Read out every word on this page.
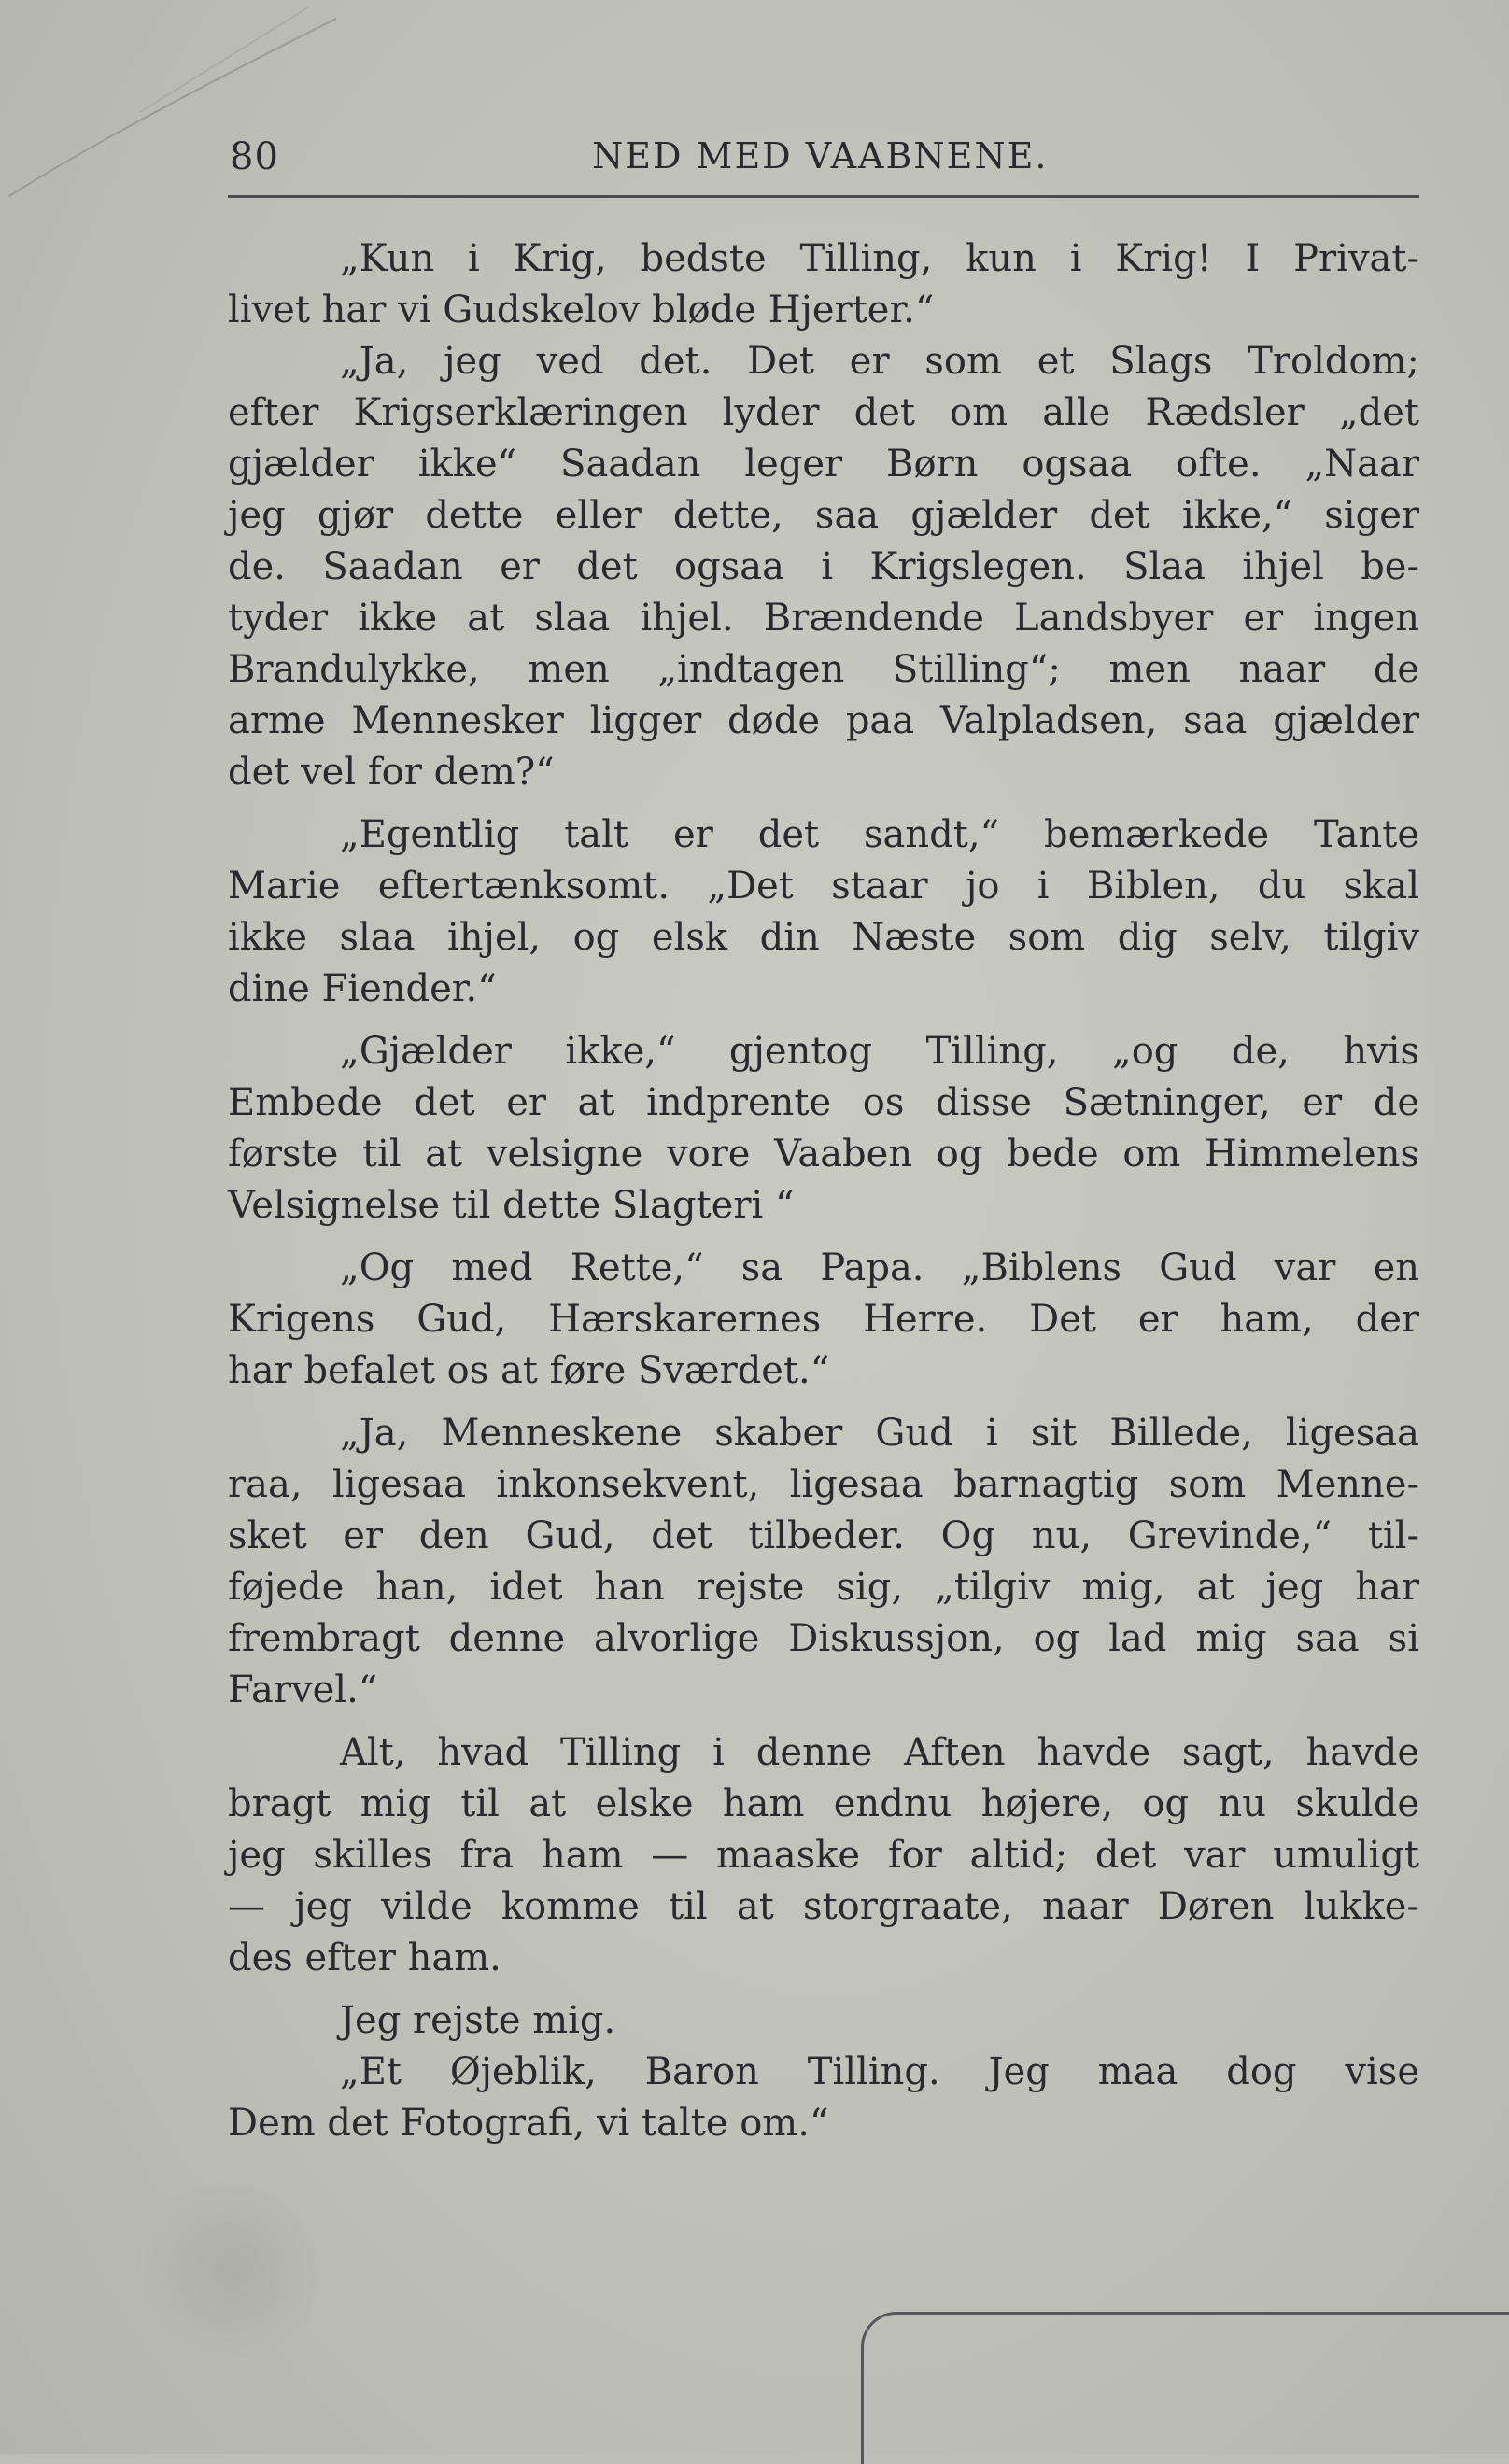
80	NED MED VAABNENE.
„Kun i Krig, bedste Tilling, kun i Krig! I Privat-
livet har vi Gudskelov bløde Hjerter.“
„Ja, jeg ved det. Det er som et Slags Troldom;
efter Krigserklæringen lyder det om alle Rædsler „det
gjælder ikke“ Saadan leger Børn ogsaa ofte. „Naar
jeg gjør dette eller dette, saa gjælder det ikke,“ siger
de. Saadan er det ogsaa i Krigslegen. Slaa ihjel be-
tyder ikke at slaa ihjel. Brændende Landsbyer er ingen
Brandulykke, men „indtagen Stilling“; men naar de
arme Mennesker ligger døde paa Valpladsen, saa gjælder
det vel for dem?“
„Egentlig talt er det sandt,“ bemærkede Tante
Marie eftertænksomt. „Det staar jo i Biblen, du skal
ikke slaa ihjel, og elsk din Næste som dig selv, tilgiv
dine Fiender.“
„Gjælder ikke,“ gjentog Tilling, „og de, hvis
Embede det er at indprente os disse Sætninger, er de
første til at velsigne vore Vaaben og bede om Himmelens
Velsignelse til dette Slagteri “
„Og med Rette,“ sa Papa. „Biblens Gud var en
Krigens Gud, Hærskarernes Herre. Det er ham, der
har befalet os at føre Sværdet.“
„Ja, Menneskene skaber Gud i sit Billede, ligesaa
raa, ligesaa inkonsekvent, ligesaa barnagtig som Menne-
sket er den Gud, det tilbeder. Og nu, Grevinde,“ til-
føjede han, idet han rejste sig, „tilgiv mig, at jeg har
frembragt denne alvorlige Diskussjon, og lad mig saa si
Farvel.“
Alt, hvad Tilling i denne Aften havde sagt, havde
bragt mig til at elske ham endnu højere, og nu skulde
jeg skilles fra ham — maaske for altid; det var umuligt
— jeg vilde komme til at storgraate, naar Døren lukke-
des efter ham.
Jeg rejste mig.
„Et Øjeblik, Baron Tilling. Jeg maa dog vise
Dem det Fotografi, vi talte om.“
